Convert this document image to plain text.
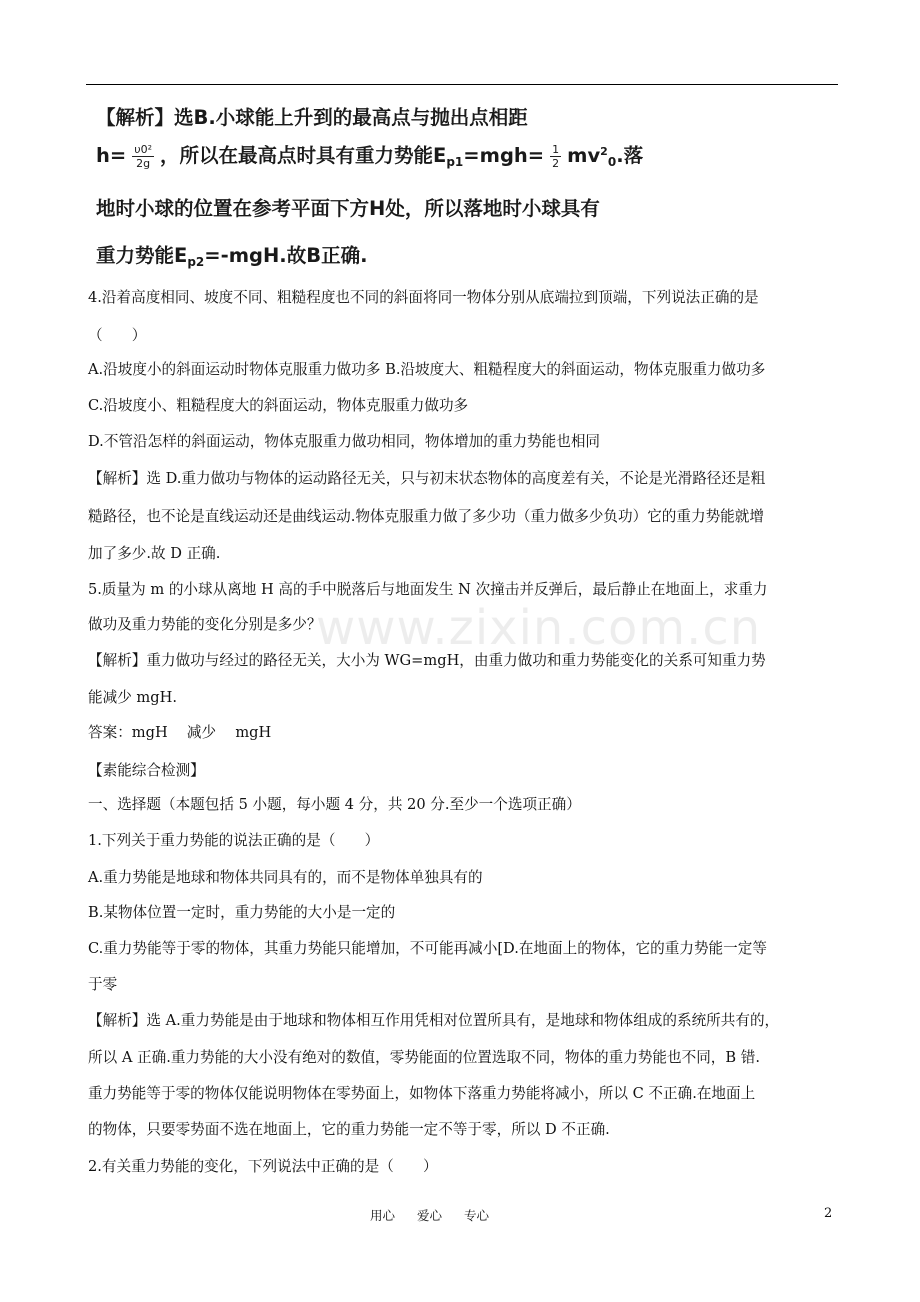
【解析】选B.小球能上升到的最高点与抛出点相距
$h= \frac{\text{υ0²}}{2g}$ ，所以在最高点时具有重力势能$E_{p1}=mgh= \frac{1}{2} mv^2_0$.落
地时小球的位置在参考平面下方H处，所以落地时小球具有
重力势能$E_{p2}=$-mgH.故B正确.
4.沿着高度相同、坡度不同、粗糙程度也不同的斜面将同一物体分别从底端拉到顶端，下列说法正确的是
（　　）
A.沿坡度小的斜面运动时物体克服重力做功多 B.沿坡度大、粗糙程度大的斜面运动，物体克服重力做功多
C.沿坡度小、粗糙程度大的斜面运动，物体克服重力做功多
D.不管沿怎样的斜面运动，物体克服重力做功相同，物体增加的重力势能也相同
【解析】选 D.重力做功与物体的运动路径无关，只与初末状态物体的高度差有关，不论是光滑路径还是粗
糙路径，也不论是直线运动还是曲线运动.物体克服重力做了多少功（重力做多少负功）它的重力势能就增
加了多少.故 D 正确.
5.质量为 m 的小球从离地 H 高的手中脱落后与地面发生 N 次撞击并反弹后，最后静止在地面上，求重力
做功及重力势能的变化分别是多少？
【解析】重力做功与经过的路径无关，大小为 WG=mgH，由重力做功和重力势能变化的关系可知重力势
能减少 mgH.
答案：mgH　 减少　 mgH
【素能综合检测】
一、选择题（本题包括 5 小题，每小题 4 分，共 20 分.至少一个选项正确）
1.下列关于重力势能的说法正确的是（　　）
A.重力势能是地球和物体共同具有的，而不是物体单独具有的
B.某物体位置一定时，重力势能的大小是一定的
C.重力势能等于零的物体，其重力势能只能增加，不可能再减小[D.在地面上的物体，它的重力势能一定等
于零
【解析】选 A.重力势能是由于地球和物体相互作用凭相对位置所具有，是地球和物体组成的系统所共有的，
所以 A 正确.重力势能的大小没有绝对的数值，零势能面的位置选取不同，物体的重力势能也不同，B 错.
重力势能等于零的物体仅能说明物体在零势面上，如物体下落重力势能将减小，所以 C 不正确.在地面上
的物体，只要零势面不选在地面上，它的重力势能一定不等于零，所以 D 不正确.
2.有关重力势能的变化，下列说法中正确的是（　　）
www.zixin.com.cn
用心 爱心 专心	2
